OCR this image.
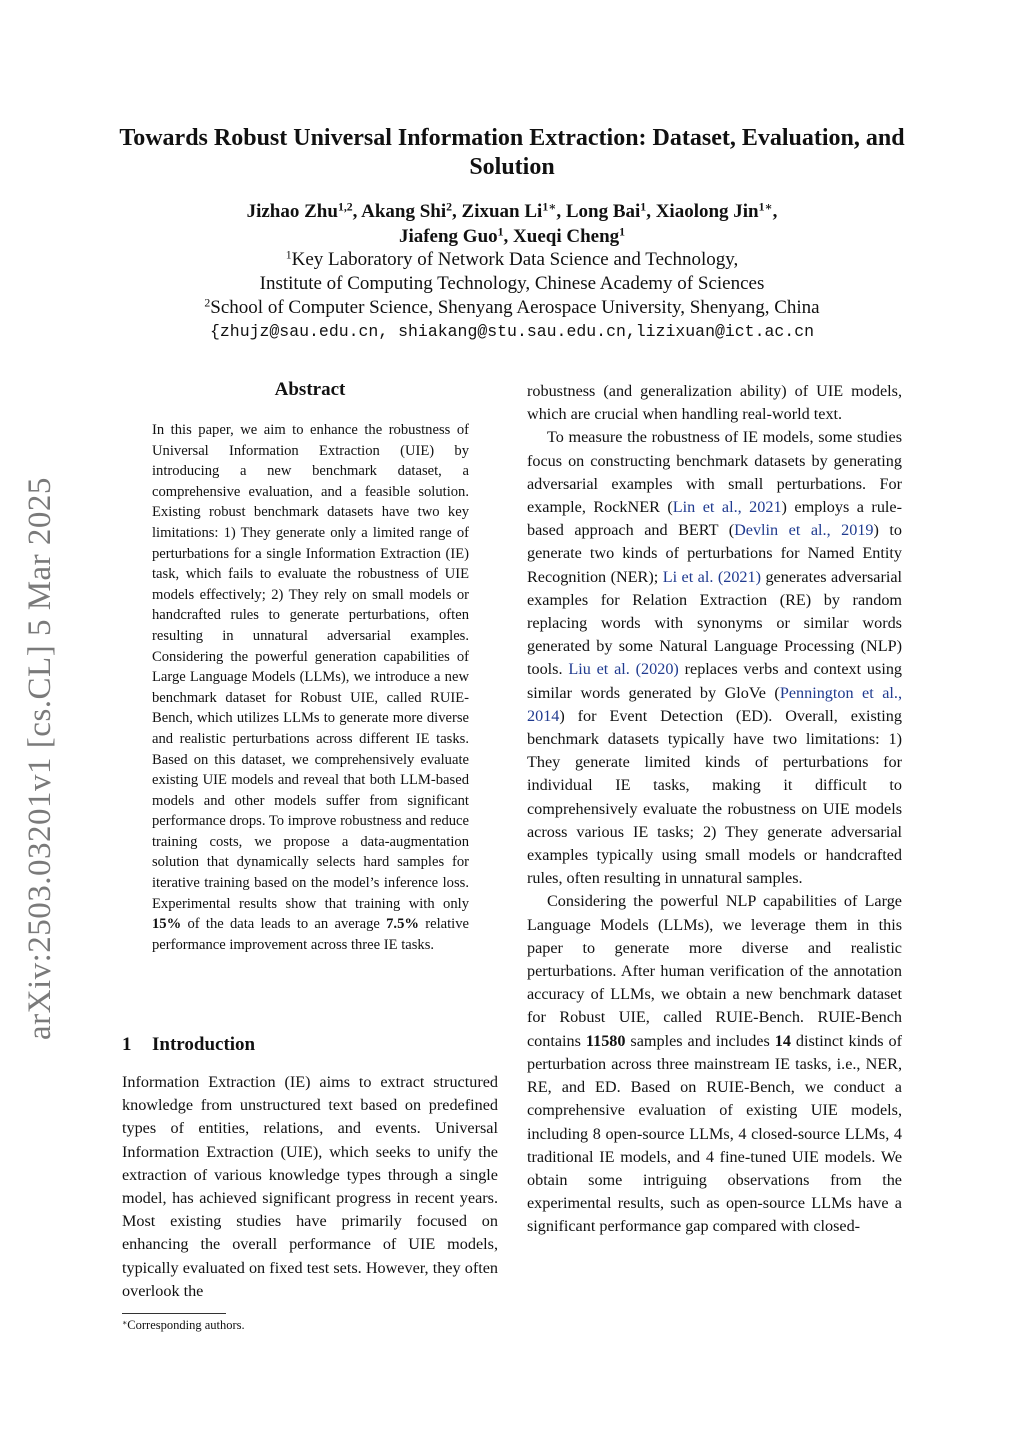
arXiv:2503.03201v1 [cs.CL] 5 Mar 2025
Towards Robust Universal Information Extraction: Dataset, Evaluation, and Solution
Jizhao Zhu$^{1,2}$, Akang Shi$^2$, Zixuan $Li^{1∗}$, Long Bai$^1$, Xiaolong Jin$^{1∗}$,
Jiafeng Guo$^1$, Xueqi Cheng$^1$
$^1$Key Laboratory of Network Data Science and Technology,
Institute of Computing Technology, Chinese Academy of Sciences
$^2$School of Computer Science, Shenyang Aerospace University, Shenyang, China
{zhujz@sau.edu.cn, shiakang@stu.sau.edu.cn,lizixuan@ict.ac.cn
Abstract
In this paper, we aim to enhance the robustness of Universal Information Extraction (UIE) by introducing a new benchmark dataset, a comprehensive evaluation, and a feasible solution. Existing robust benchmark datasets have two key limitations: 1) They generate only a limited range of perturbations for a single Information Extraction (IE) task, which fails to evaluate the robustness of UIE models effectively; 2) They rely on small models or handcrafted rules to generate perturbations, often resulting in unnatural adversarial examples. Considering the powerful generation capabilities of Large Language Models (LLMs), we introduce a new benchmark dataset for Robust UIE, called RUIE-Bench, which utilizes LLMs to generate more diverse and realistic perturbations across different IE tasks. Based on this dataset, we comprehensively evaluate existing UIE models and reveal that both LLM-based models and other models suffer from significant performance drops. To improve robustness and reduce training costs, we propose a data-augmentation solution that dynamically selects hard samples for iterative training based on the model’s inference loss. Experimental results show that training with only 15% of the data leads to an average 7.5% relative performance improvement across three IE tasks.
1 Introduction
Information Extraction (IE) aims to extract structured knowledge from unstructured text based on predefined types of entities, relations, and events. Universal Information Extraction (UIE), which seeks to unify the extraction of various knowledge types through a single model, has achieved significant progress in recent years. Most existing studies have primarily focused on enhancing the overall performance of UIE models, typically evaluated on fixed test sets. However, they often overlook the
∗Corresponding authors.

robustness (and generalization ability) of UIE models, which are crucial when handling real-world text.

To measure the robustness of IE models, some studies focus on constructing benchmark datasets by generating adversarial examples with small perturbations. For example, RockNER (Lin et al., 2021) employs a rule-based approach and BERT (Devlin et al., 2019) to generate two kinds of perturbations for Named Entity Recognition (NER); Li et al. (2021) generates adversarial examples for Relation Extraction (RE) by random replacing words with synonyms or similar words generated by some Natural Language Processing (NLP) tools. Liu et al. (2020) replaces verbs and context using similar words generated by GloVe (Pennington et al., 2014) for Event Detection (ED). Overall, existing benchmark datasets typically have two limitations: 1) They generate limited kinds of perturbations for individual IE tasks, making it difficult to comprehensively evaluate the robustness on UIE models across various IE tasks; 2) They generate adversarial examples typically using small models or handcrafted rules, often resulting in unnatural samples.

Considering the powerful NLP capabilities of Large Language Models (LLMs), we leverage them in this paper to generate more diverse and realistic perturbations. After human verification of the annotation accuracy of LLMs, we obtain a new benchmark dataset for Robust UIE, called RUIE-Bench. RUIE-Bench contains 11580 samples and includes 14 distinct kinds of perturbation across three mainstream IE tasks, i.e., NER, RE, and ED. Based on RUIE-Bench, we conduct a comprehensive evaluation of existing UIE models, including 8 open-source LLMs, 4 closed-source LLMs, 4 traditional IE models, and 4 fine-tuned UIE models. We obtain some intriguing observations from the experimental results, such as open-source LLMs have a significant performance gap compared with closed-
